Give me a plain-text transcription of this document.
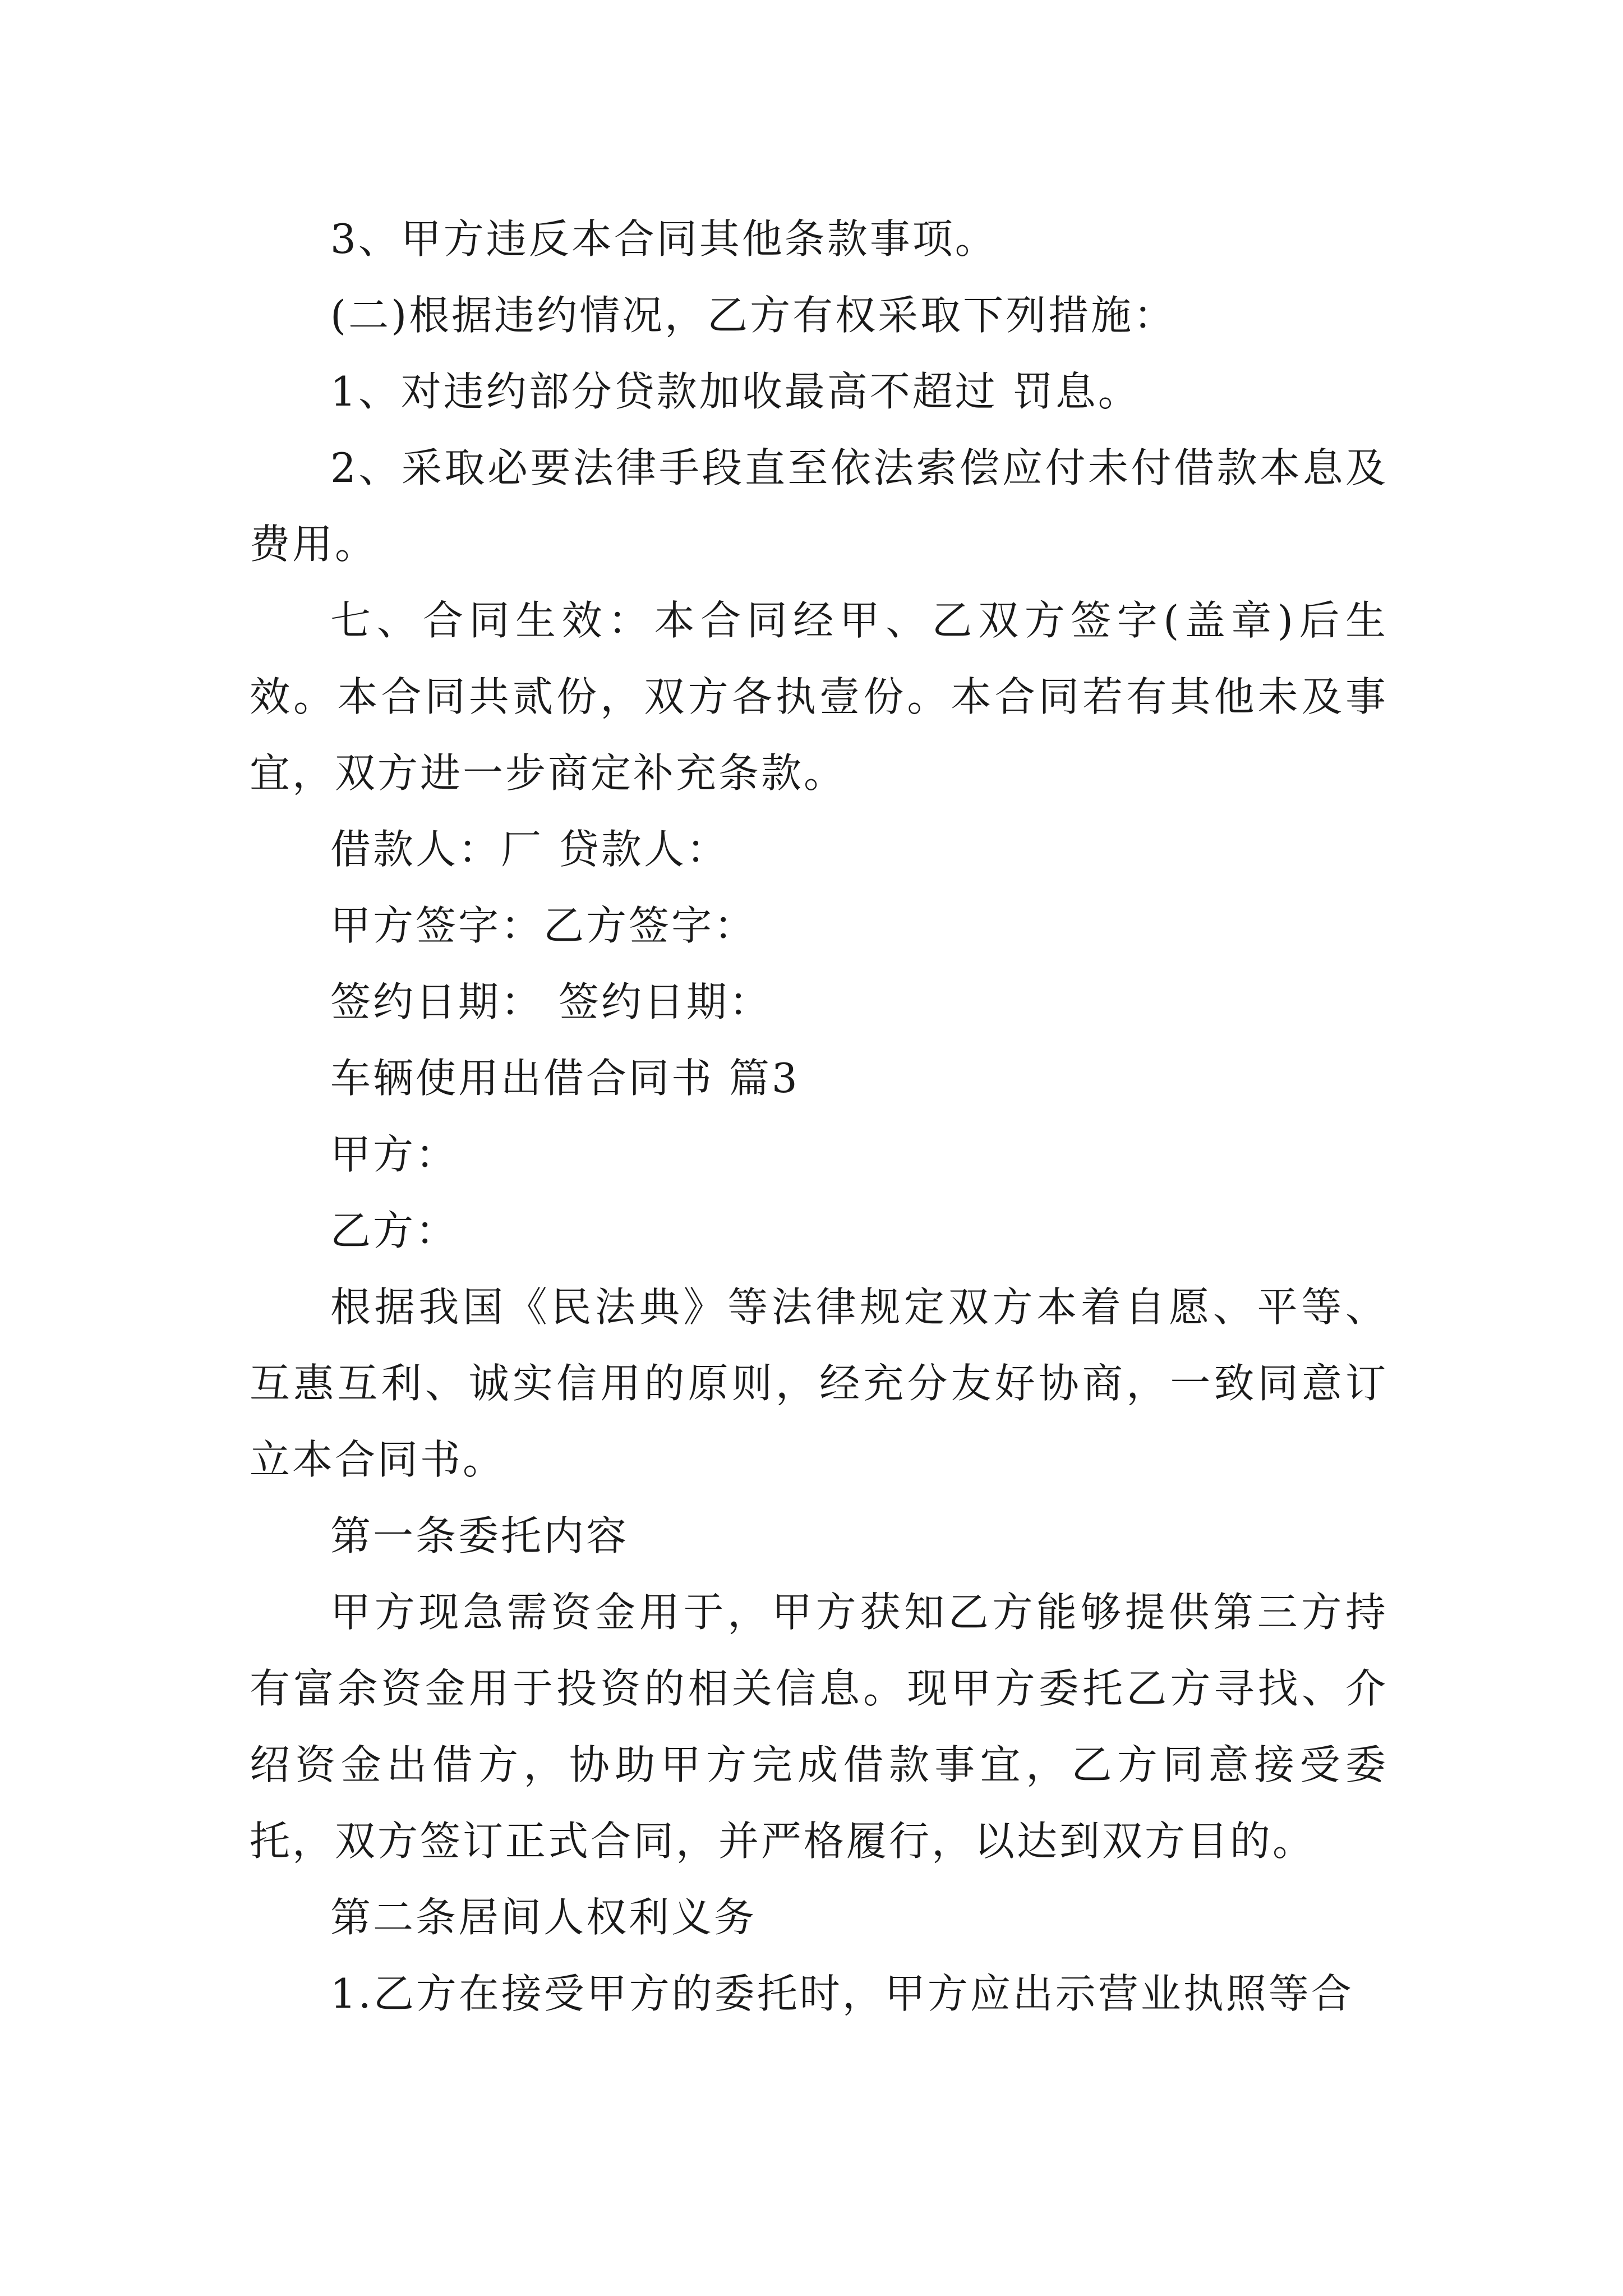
3、甲方违反本合同其他条款事项。

(二)根据违约情况，乙方有权采取下列措施：

1、对违约部分贷款加收最高不超过 罚息。

2、采取必要法律手段直至依法索偿应付未付借款本息及费用。

七、合同生效：本合同经甲、乙双方签字(盖章)后生效。本合同共贰份，双方各执壹份。本合同若有其他未及事宜，双方进一步商定补充条款。

借款人：厂 贷款人：

甲方签字：乙方签字：

签约日期： 签约日期：

车辆使用出借合同书 篇3

甲方：

乙方：

根据我国《民法典》等法律规定双方本着自愿、平等、互惠互利、诚实信用的原则，经充分友好协商，一致同意订立本合同书。

第一条委托内容

甲方现急需资金用于，甲方获知乙方能够提供第三方持有富余资金用于投资的相关信息。现甲方委托乙方寻找、介绍资金出借方，协助甲方完成借款事宜，乙方同意接受委托，双方签订正式合同，并严格履行，以达到双方目的。

第二条居间人权利义务

1.乙方在接受甲方的委托时，甲方应出示营业执照等合
